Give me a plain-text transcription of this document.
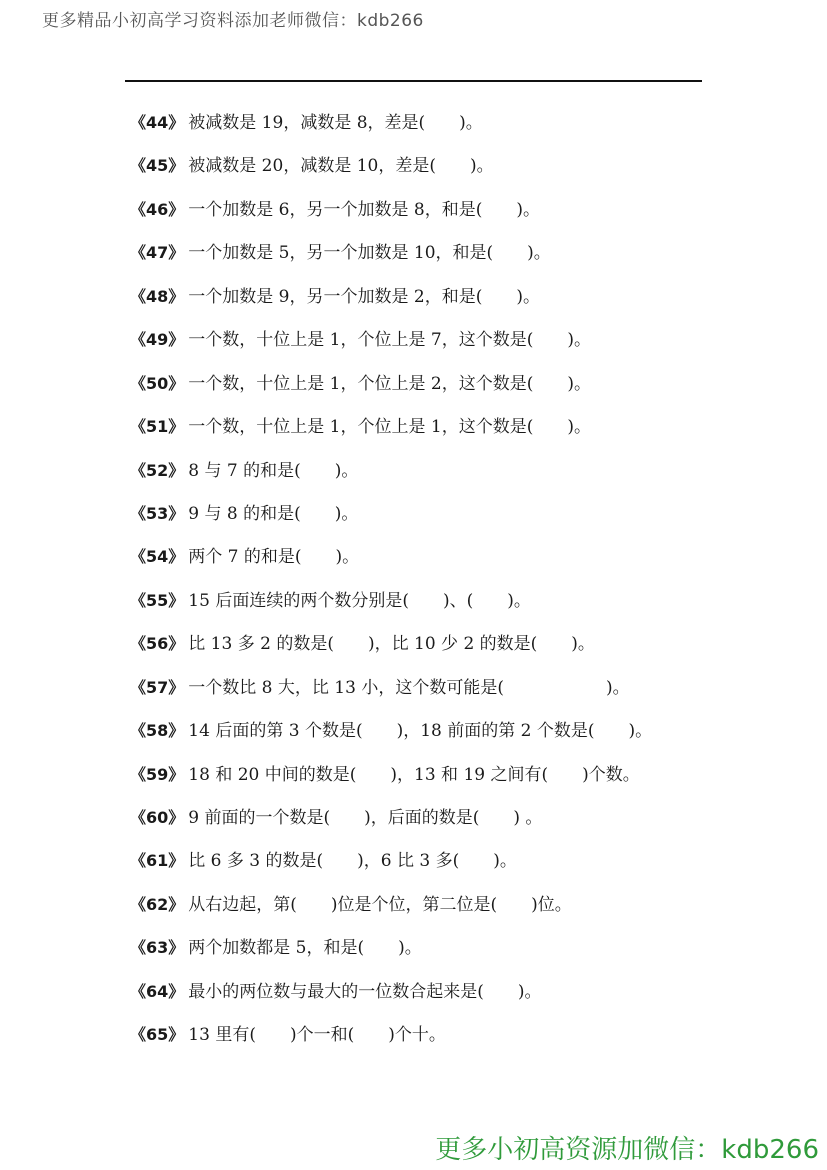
更多精品小初高学习资料添加老师微信：kdb266
《44》 被减数是 19，减数是 8，差是(　　)。
《45》 被减数是 20，减数是 10，差是(　　)。
《46》 一个加数是 6，另一个加数是 8，和是(　　)。
《47》 一个加数是 5，另一个加数是 10，和是(　　)。
《48》 一个加数是 9，另一个加数是 2，和是(　　)。
《49》 一个数，十位上是 1，个位上是 7，这个数是(　　)。
《50》 一个数，十位上是 1，个位上是 2，这个数是(　　)。
《51》 一个数，十位上是 1，个位上是 1，这个数是(　　)。
《52》 8 与 7 的和是(　　)。
《53》 9 与 8 的和是(　　)。
《54》 两个 7 的和是(　　)。
《55》 15 后面连续的两个数分别是(　　)、(　　)。
《56》 比 13 多 2 的数是(　　)，比 10 少 2 的数是(　　)。
《57》 一个数比 8 大，比 13 小，这个数可能是(　　　　　　)。
《58》 14 后面的第 3 个数是(　　)，18 前面的第 2 个数是(　　)。
《59》 18 和 20 中间的数是(　　)，13 和 19 之间有(　　)个数。
《60》 9 前面的一个数是(　　)，后面的数是(　　) 。
《61》 比 6 多 3 的数是(　　)，6 比 3 多(　　)。
《62》 从右边起，第(　　)位是个位，第二位是(　　)位。
《63》 两个加数都是 5，和是(　　)。
《64》 最小的两位数与最大的一位数合起来是(　　)。
《65》 13 里有(　　)个一和(　　)个十。
更多小初高资源加微信：kdb266
